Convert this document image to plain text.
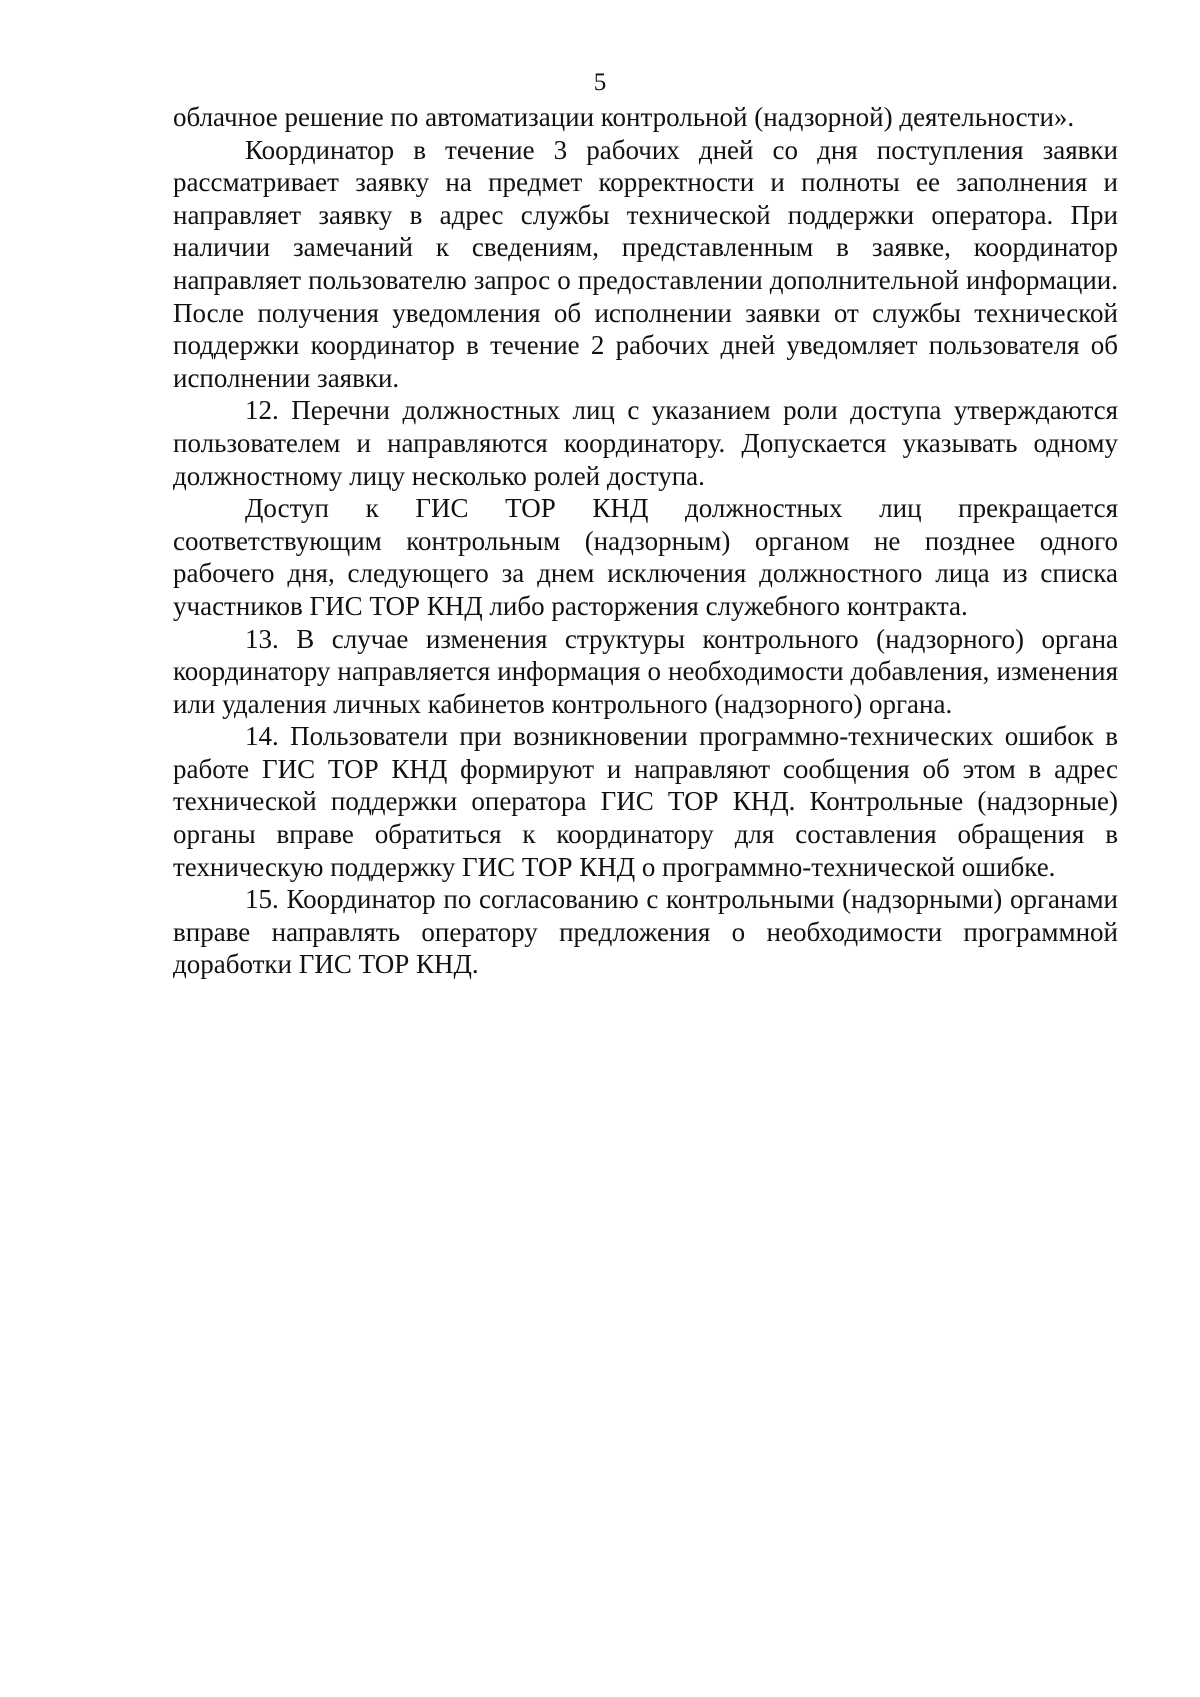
5

облачное решение по автоматизации контрольной (надзорной) деятельности».

Координатор в течение 3 рабочих дней со дня поступления заявки рассматривает заявку на предмет корректности и полноты ее заполнения и направляет заявку в адрес службы технической поддержки оператора. При наличии замечаний к сведениям, представленным в заявке, координатор направляет пользователю запрос о предоставлении дополнительной информации. После получения уведомления об исполнении заявки от службы технической поддержки координатор в течение 2 рабочих дней уведомляет пользователя об исполнении заявки.

12. Перечни должностных лиц с указанием роли доступа утверждаются пользователем и направляются координатору. Допускается указывать одному должностному лицу несколько ролей доступа.

Доступ к ГИС ТОР КНД должностных лиц прекращается соответствующим контрольным (надзорным) органом не позднее одного рабочего дня, следующего за днем исключения должностного лица из списка участников ГИС ТОР КНД либо расторжения служебного контракта.

13. В случае изменения структуры контрольного (надзорного) органа координатору направляется информация о необходимости добавления, изменения или удаления личных кабинетов контрольного (надзорного) органа.

14. Пользователи при возникновении программно-технических ошибок в работе ГИС ТОР КНД формируют и направляют сообщения об этом в адрес технической поддержки оператора ГИС ТОР КНД. Контрольные (надзорные) органы вправе обратиться к координатору для составления обращения в техническую поддержку ГИС ТОР КНД о программно-технической ошибке.

15. Координатор по согласованию с контрольными (надзорными) органами вправе направлять оператору предложения о необходимости программной доработки ГИС ТОР КНД.
